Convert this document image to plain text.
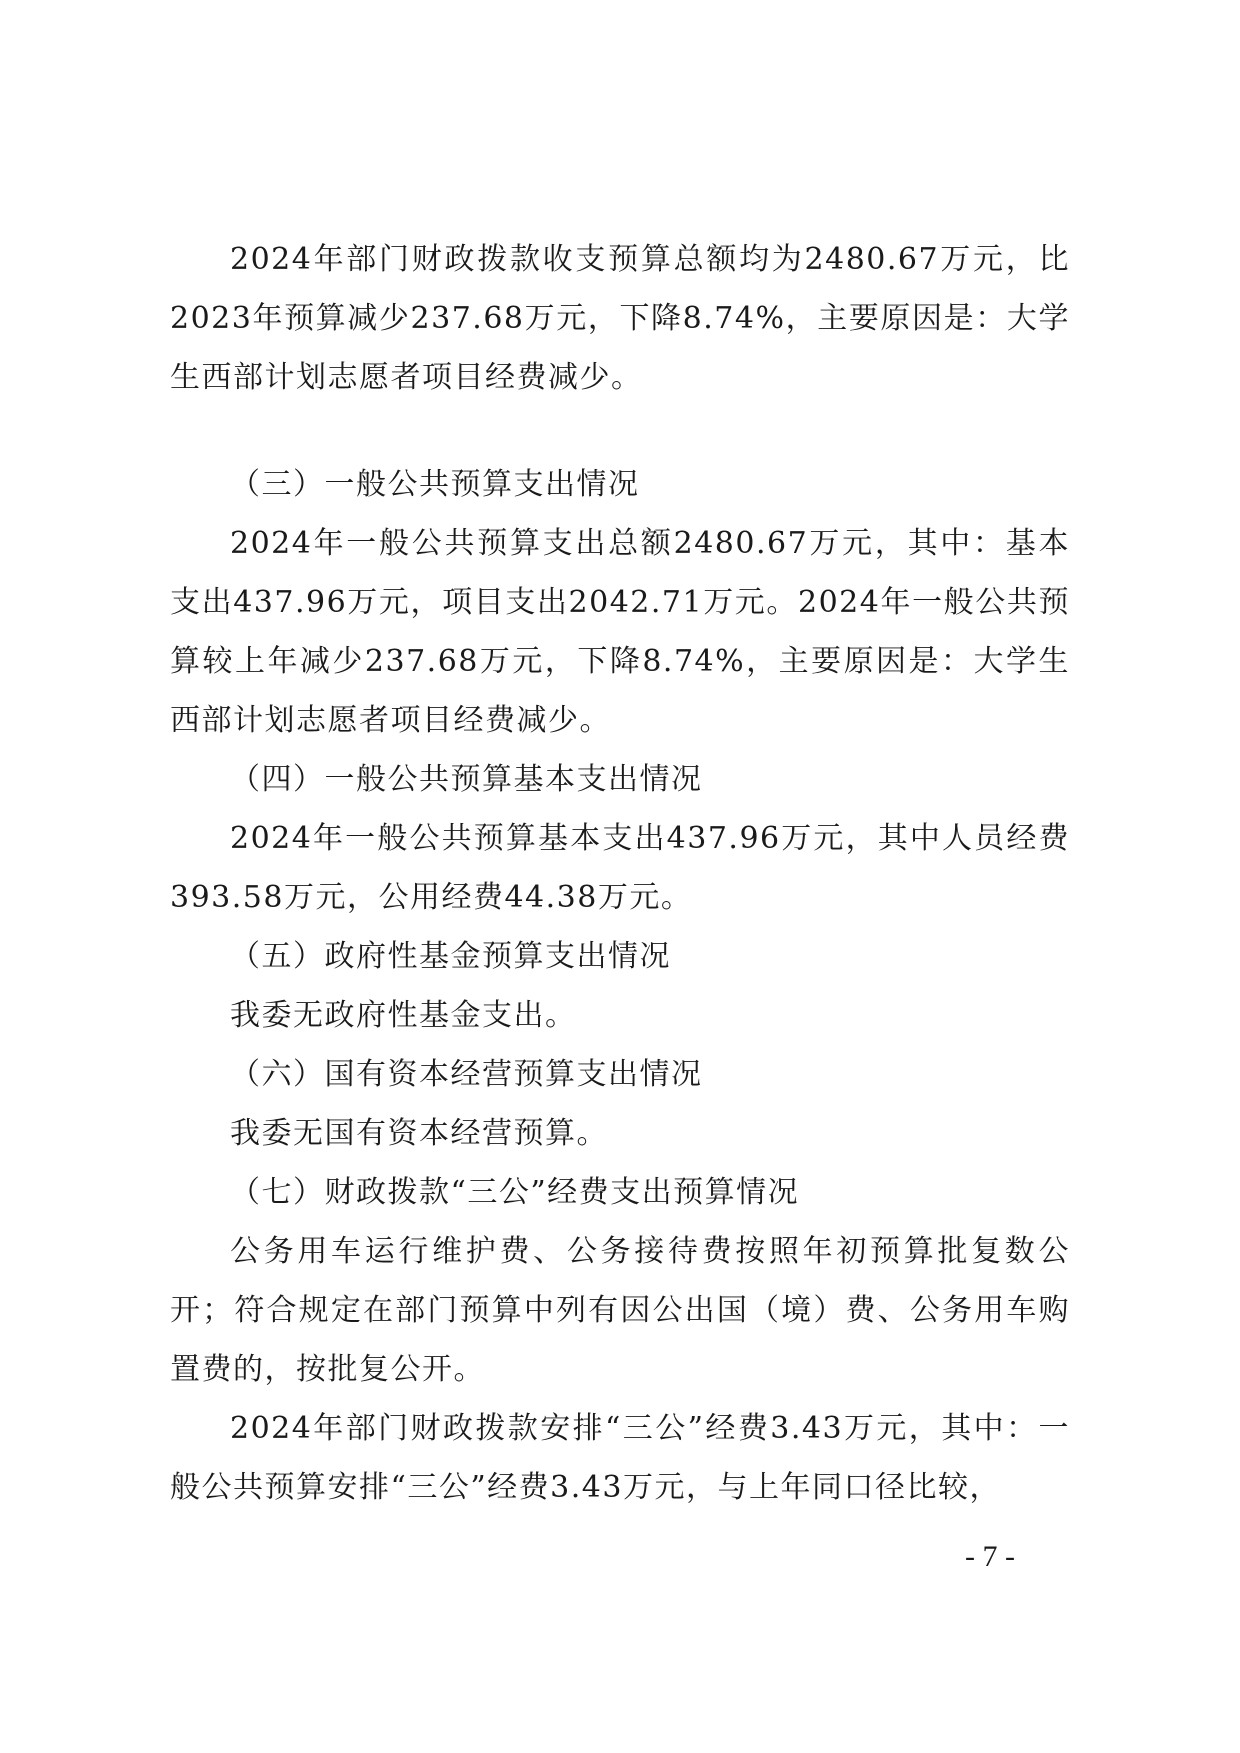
2024年部门财政拨款收支预算总额均为2480.67万元，比2023年预算减少237.68万元，下降8.74%，主要原因是：大学生西部计划志愿者项目经费减少。

（三）一般公共预算支出情况

2024年一般公共预算支出总额2480.67万元，其中：基本支出437.96万元，项目支出2042.71万元。2024年一般公共预算较上年减少237.68万元，下降8.74%，主要原因是：大学生西部计划志愿者项目经费减少。

（四）一般公共预算基本支出情况

2024年一般公共预算基本支出437.96万元，其中人员经费393.58万元，公用经费44.38万元。

（五）政府性基金预算支出情况

我委无政府性基金支出。

（六）国有资本经营预算支出情况

我委无国有资本经营预算。

（七）财政拨款“三公”经费支出预算情况

公务用车运行维护费、公务接待费按照年初预算批复数公开；符合规定在部门预算中列有因公出国（境）费、公务用车购置费的，按批复公开。

2024年部门财政拨款安排“三公”经费3.43万元，其中：一般公共预算安排“三公”经费3.43万元，与上年同口径比较，

- 7 -
